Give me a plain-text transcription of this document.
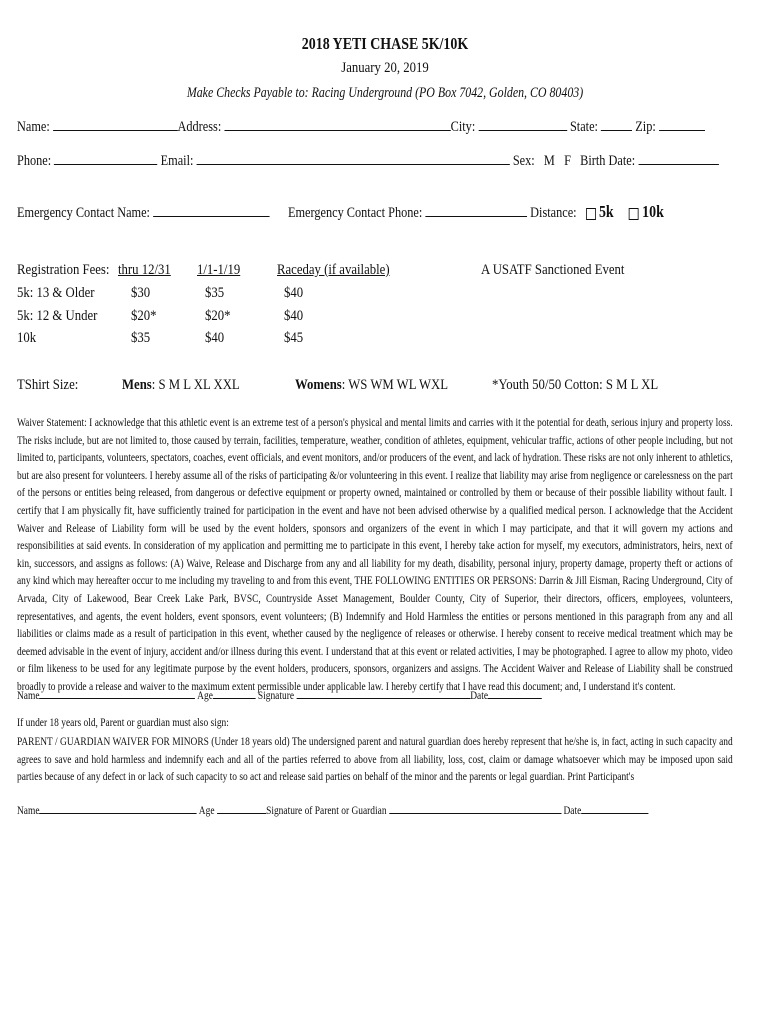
2018 YETI CHASE 5K/10K
January 20, 2019
Make Checks Payable to: Racing Underground (PO Box 7042, Golden, CO 80403)
Name:	Address:	City:	State: Zip:
Phone:	Email:	Sex: M F Birth Date:
Emergency Contact Name:	Emergency Contact Phone:	Distance: 5k 10k
Registration Fees: thru 12/31 1/1-1/19 Raceday (if available)	A USATF Sanctioned Event
5k: 13 & Older $30	$35	$40
5k: 12 & Under $20*	$20*	$40
10k	$35	$40	$45
TShirt Size:	Mens: S M L XL XXL	Womens: WS WM WL WXL	*Youth 50/50 Cotton: S M L XL
Waiver Statement: I acknowledge that this athletic event is an extreme test of a person's physical and mental limits and carries with it the potential for death, serious injury and property loss. The risks include, but are not limited to, those caused by terrain, facilities, temperature, weather, condition of athletes, equipment, vehicular traffic, actions of other people including, but not limited to, participants, volunteers, spectators, coaches, event officials, and event monitors, and/or producers of the event, and lack of hydration. These risks are not only inherent to athletics, but are also present for volunteers. I hereby assume all of the risks of participating &/or volunteering in this event. I realize that liability may arise from negligence or carelessness on the part of the persons or entities being released, from dangerous or defective equipment or property owned, maintained or controlled by them or because of their possible liability without fault. I certify that I am physically fit, have sufficiently trained for participation in the event and have not been advised otherwise by a qualified medical person. I acknowledge that the Accident Waiver and Release of Liability form will be used by the event holders, sponsors and organizers of the event in which I may participate, and that it will govern my actions and responsibilities at said events. In consideration of my application and permitting me to participate in this event, I hereby take action for myself, my executors, administrators, heirs, next of kin, successors, and assigns as follows: (A) Waive, Release and Discharge from any and all liability for my death, disability, personal injury, property damage, property theft or actions of any kind which may hereafter occur to me including my traveling to and from this event, THE FOLLOWING ENTITIES OR PERSONS: Darrin & Jill Eisman, Racing Underground, City of Arvada, City of Lakewood, Bear Creek Lake Park, BVSC, Countryside Asset Management, Boulder County, City of Superior, their directors, officers, employees, volunteers, representatives, and agents, the event holders, event sponsors, event volunteers; (B) Indemnify and Hold Harmless the entities or persons mentioned in this paragraph from any and all liabilities or claims made as a result of participation in this event, whether caused by the negligence of releases or otherwise. I hereby consent to receive medical treatment which may be deemed advisable in the event of injury, accident and/or illness during this event. I understand that at this event or related activities, I may be photographed. I agree to allow my photo, video or film likeness to be used for any legitimate purpose by the event holders, producers, sponsors, organizers and assigns. The Accident Waiver and Release of Liability shall be construed broadly to provide a release and waiver to the maximum extent permissible under applicable law. I hereby certify that I have read this document; and, I understand it's content.
Name	Age	Signature	Date
If under 18 years old, Parent or guardian must also sign:
PARENT / GUARDIAN WAIVER FOR MINORS (Under 18 years old) The undersigned parent and natural guardian does hereby represent that he/she is, in fact, acting in such capacity and agrees to save and hold harmless and indemnify each and all of the parties referred to above from all liability, loss, cost, claim or damage whatsoever which may be imposed upon said parties because of any defect in or lack of such capacity to so act and release said parties on behalf of the minor and the parents or legal guardian. Print Participant's
Name	Age	Signature of Parent or Guardian	Date
